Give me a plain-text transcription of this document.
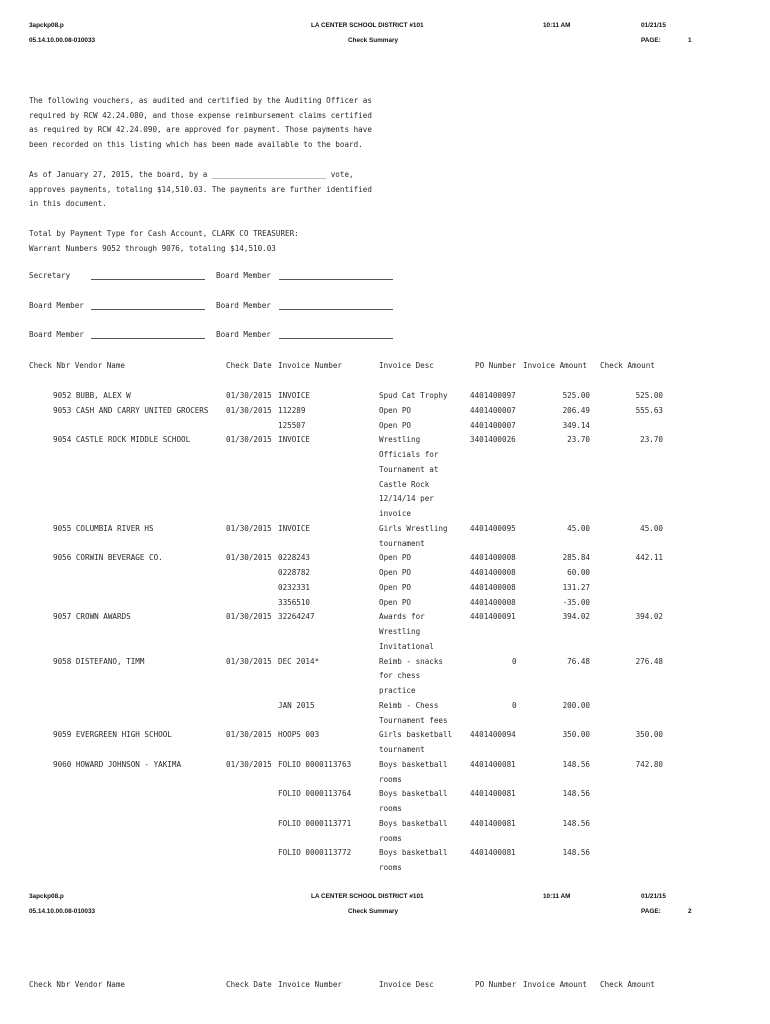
3apckp08.p
05.14.10.00.08-010033
LA CENTER SCHOOL DISTRICT #101
Check Summary
10:11 AM	01/21/15
PAGE:	1
The following vouchers, as audited and certified by the Auditing Officer as
required by RCW 42.24.080, and those expense reimbursement claims certified
as required by RCW 42.24.090, are approved for payment. Those payments have
been recorded on this listing which has been made available to the board.
As of January 27, 2015, the board, by a _________________________ vote,
approves payments, totaling $14,510.03. The payments are further identified
in this document.
Total by Payment Type for Cash Account, CLARK CO TREASURER:
Warrant Numbers 9052 through 9076, totaling $14,510.03
Secretary	Board Member
Board Member	Board Member
Board Member	Board Member
Check Nbr Vendor Name	Check Date Invoice Number	Invoice Desc	PO Number Invoice Amount Check Amount
9052 BUBB, ALEX W	01/30/2015 INVOICE	Spud Cat Trophy	4401400097	525.00	525.00
9053 CASH AND CARRY UNITED GROCERS 01/30/2015 112289	Open PO	4401400007	206.49	555.63
125507	Open PO	4401400007	349.14
9054 CASTLE ROCK MIDDLE SCHOOL	01/30/2015 INVOICE	Wrestling	3401400026	23.70	23.70
Officials for
Tournament at
Castle Rock
12/14/14 per
invoice
9055 COLUMBIA RIVER HS	01/30/2015 INVOICE	Girls Wrestling	4401400095	45.00	45.00
tournament
9056 CORWIN BEVERAGE CO.	01/30/2015 0228243	Open PO	4401400008	285.84	442.11
0228782	Open PO	4401400008	60.00
0232331	Open PO	4401400008	131.27
3356510	Open PO	4401400008	-35.00
9057 CROWN AWARDS	01/30/2015 32264247	Awards for	4401400091	394.02	394.02
Wrestling
Invitational
9058 DISTEFANO, TIMM	01/30/2015 DEC 2014*	Reimb - snacks	0	76.48	276.48
for chess
practice
JAN 2015	Reimb - Chess	0	200.00
Tournament fees
9059 EVERGREEN HIGH SCHOOL	01/30/2015 HOOPS 003	Girls basketball 4401400094	350.00	350.00
tournament
9060 HOWARD JOHNSON - YAKIMA	01/30/2015 FOLIO 0000113763	Boys basketball	4401400081	148.56	742.80
rooms
FOLIO 0000113764	Boys basketball	4401400081	148.56
rooms
FOLIO 0000113771	Boys basketball	4401400081	148.56
rooms
FOLIO 0000113772	Boys basketball	4401400081	148.56
rooms
3apckp08.p
05.14.10.00.08-010033
LA CENTER SCHOOL DISTRICT #101
Check Summary
10:11 AM	01/21/15
PAGE:	2
Check Nbr Vendor Name	Check Date Invoice Number	Invoice Desc	PO Number Invoice Amount Check Amount
